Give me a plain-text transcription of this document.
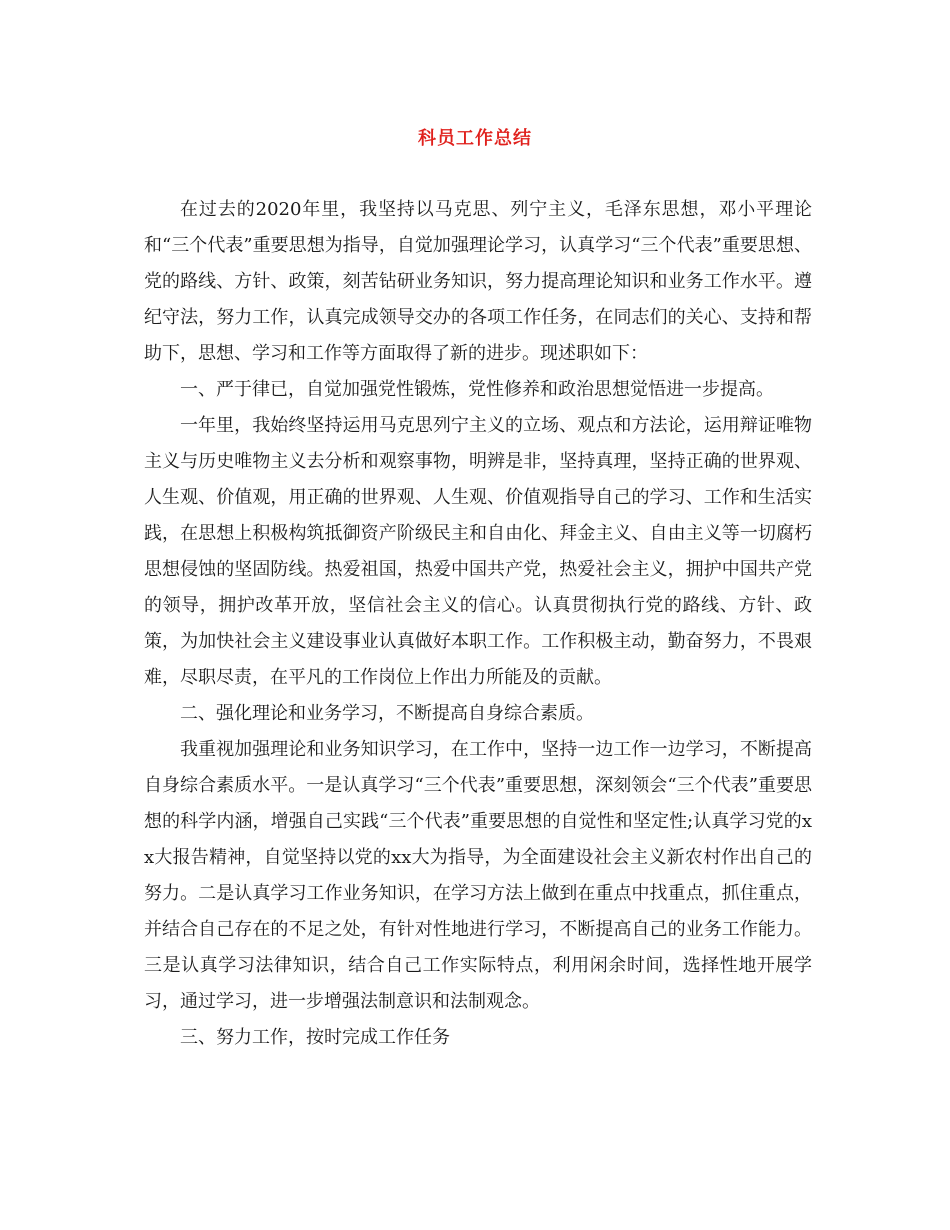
科员工作总结

在过去的2020年里，我坚持以马克思、列宁主义，毛泽东思想，邓小平理论和“三个代表”重要思想为指导，自觉加强理论学习，认真学习“三个代表”重要思想、党的路线、方针、政策，刻苦钻研业务知识，努力提高理论知识和业务工作水平。遵纪守法，努力工作，认真完成领导交办的各项工作任务，在同志们的关心、支持和帮助下，思想、学习和工作等方面取得了新的进步。现述职如下：

一、严于律已，自觉加强党性锻炼，党性修养和政治思想觉悟进一步提高。

一年里，我始终坚持运用马克思列宁主义的立场、观点和方法论，运用辩证唯物主义与历史唯物主义去分析和观察事物，明辨是非，坚持真理，坚持正确的世界观、人生观、价值观，用正确的世界观、人生观、价值观指导自己的学习、工作和生活实践，在思想上积极构筑抵御资产阶级民主和自由化、拜金主义、自由主义等一切腐朽思想侵蚀的坚固防线。热爱祖国，热爱中国共产党，热爱社会主义，拥护中国共产党的领导，拥护改革开放，坚信社会主义的信心。认真贯彻执行党的路线、方针、政策，为加快社会主义建设事业认真做好本职工作。工作积极主动，勤奋努力，不畏艰难，尽职尽责，在平凡的工作岗位上作出力所能及的贡献。

二、强化理论和业务学习，不断提高自身综合素质。

我重视加强理论和业务知识学习，在工作中，坚持一边工作一边学习，不断提高自身综合素质水平。一是认真学习“三个代表”重要思想，深刻领会“三个代表”重要思想的科学内涵，增强自己实践“三个代表”重要思想的自觉性和坚定性;认真学习党的xx大报告精神，自觉坚持以党的xx大为指导，为全面建设社会主义新农村作出自己的努力。二是认真学习工作业务知识，在学习方法上做到在重点中找重点，抓住重点，并结合自己存在的不足之处，有针对性地进行学习，不断提高自己的业务工作能力。三是认真学习法律知识，结合自己工作实际特点，利用闲余时间，选择性地开展学习，通过学习，进一步增强法制意识和法制观念。

三、努力工作，按时完成工作任务
